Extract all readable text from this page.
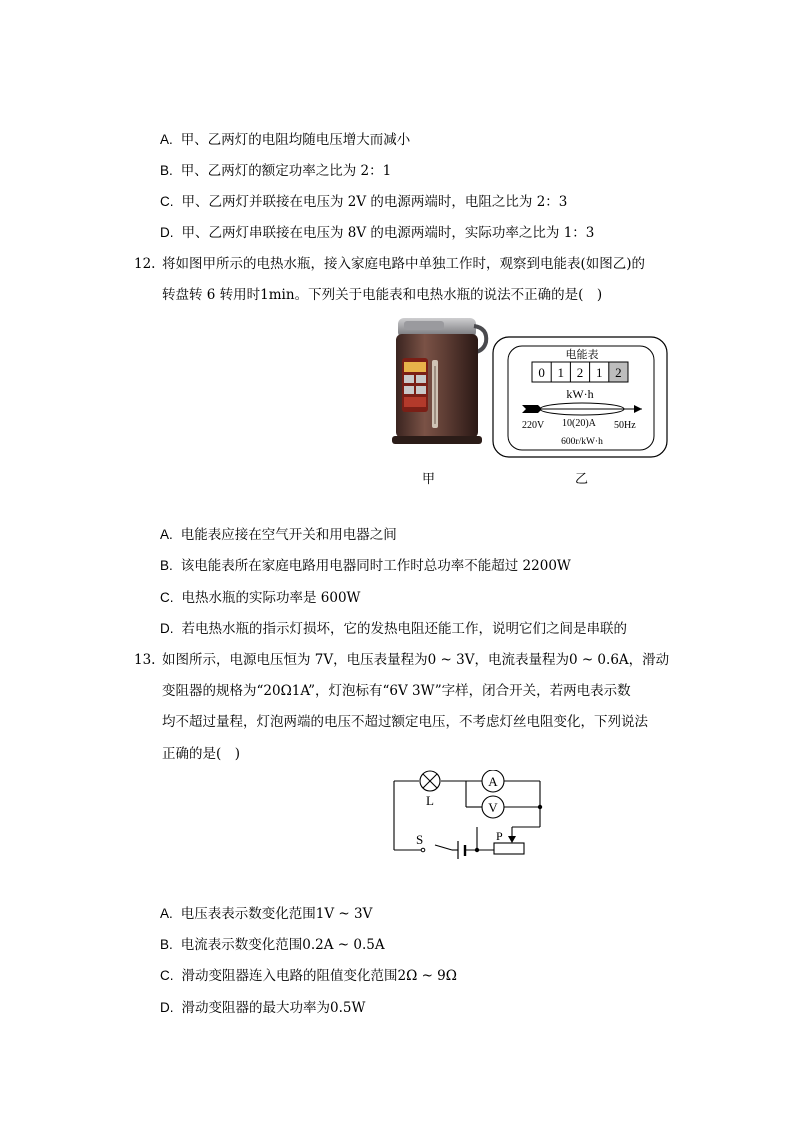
A. 甲、乙两灯的电阻均随电压增大而减小
B. 甲、乙两灯的额定功率之比为 2：1
C. 甲、乙两灯并联接在电压为 2V 的电源两端时，电阻之比为 2：3
D. 甲、乙两灯串联接在电压为 8V 的电源两端时，实际功率之比为 1：3
12. 将如图甲所示的电热水瓶，接入家庭电路中单独工作时，观察到电能表(如图乙)的
转盘转 6 转用时1min。下列关于电能表和电热水瓶的说法不正确的是(　)
甲
电能表
0 1 2 1 2
kW·h
220V 10(20)A 50Hz
600r/kW·h
乙
A. 电能表应接在空气开关和用电器之间
B. 该电能表所在家庭电路用电器同时工作时总功率不能超过 2200W
C. 电热水瓶的实际功率是 600W
D. 若电热水瓶的指示灯损坏，它的发热电阻还能工作，说明它们之间是串联的
13. 如图所示，电源电压恒为 7V，电压表量程为0 ~ 3V，电流表量程为0 ~ 0.6A，滑动
变阻器的规格为“20Ω1A”，灯泡标有“6V 3W”字样，闭合开关，若两电表示数
均不超过量程，灯泡两端的电压不超过额定电压，不考虑灯丝电阻变化，下列说法
正确的是(　)
L
A
V
S	P
A. 电压表表示数变化范围1V ~ 3V
B. 电流表示数变化范围0.2A ~ 0.5A
C. 滑动变阻器连入电路的阻值变化范围2Ω ~ 9Ω
D. 滑动变阻器的最大功率为0.5W
